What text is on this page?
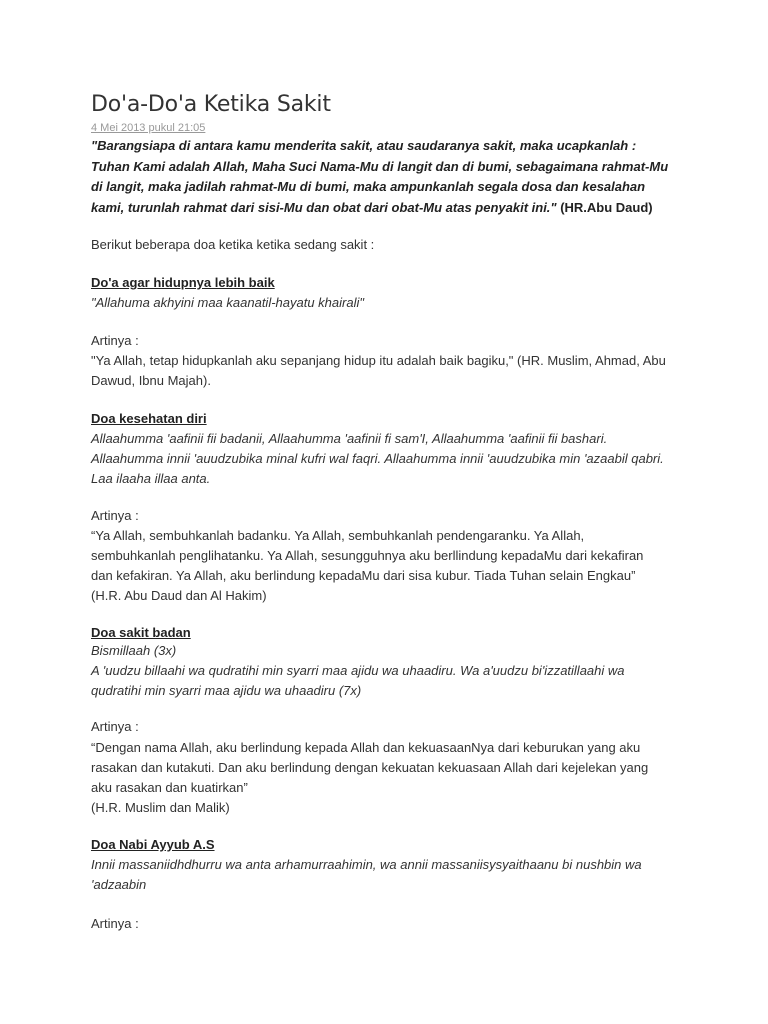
Do'a-Do'a Ketika Sakit
4 Mei 2013 pukul 21:05
"Barangsiapa di antara kamu menderita sakit, atau saudaranya sakit, maka ucapkanlah :
Tuhan Kami adalah Allah, Maha Suci Nama-Mu di langit dan di bumi, sebagaimana rahmat-Mu
di langit, maka jadilah rahmat-Mu di bumi, maka ampunkanlah segala dosa dan kesalahan
kami, turunlah rahmat dari sisi-Mu dan obat dari obat-Mu atas penyakit ini." (HR.Abu Daud)
Berikut beberapa doa ketika ketika sedang sakit :
Do'a agar hidupnya lebih baik
"Allahuma akhyini maa kaanatil-hayatu khairali"
Artinya :
"Ya Allah, tetap hidupkanlah aku sepanjang hidup itu adalah baik bagiku," (HR. Muslim, Ahmad, Abu
Dawud, Ibnu Majah).
Doa kesehatan diri
Allaahumma 'aafinii fii badanii, Allaahumma 'aafinii fi sam'I, Allaahumma 'aafinii fii bashari.
Allaahumma innii 'auudzubika minal kufri wal faqri. Allaahumma innii 'auudzubika min 'azaabil qabri.
Laa ilaaha illaa anta.
Artinya :
“Ya Allah, sembuhkanlah badanku. Ya Allah, sembuhkanlah pendengaranku. Ya Allah,
sembuhkanlah penglihatanku. Ya Allah, sesungguhnya aku berllindung kepadaMu dari kekafiran
dan kefakiran. Ya Allah, aku berlindung kepadaMu dari sisa kubur. Tiada Tuhan selain Engkau”
(H.R. Abu Daud dan Al Hakim)
Doa sakit badan
Bismillaah (3x)
A 'uudzu billaahi wa qudratihi min syarri maa ajidu wa uhaadiru. Wa a'uudzu bi'izzatillaahi wa
qudratihi min syarri maa ajidu wa uhaadiru (7x)
Artinya :
“Dengan nama Allah, aku berlindung kepada Allah dan kekuasaanNya dari keburukan yang aku
rasakan dan kutakuti. Dan aku berlindung dengan kekuatan kekuasaan Allah dari kejelekan yang
aku rasakan dan kuatirkan”
(H.R. Muslim dan Malik)
Doa Nabi Ayyub A.S
Innii massaniidhdhurru wa anta arhamurraahimin, wa annii massaniisysyaithaanu bi nushbin wa
'adzaabin
Artinya :
